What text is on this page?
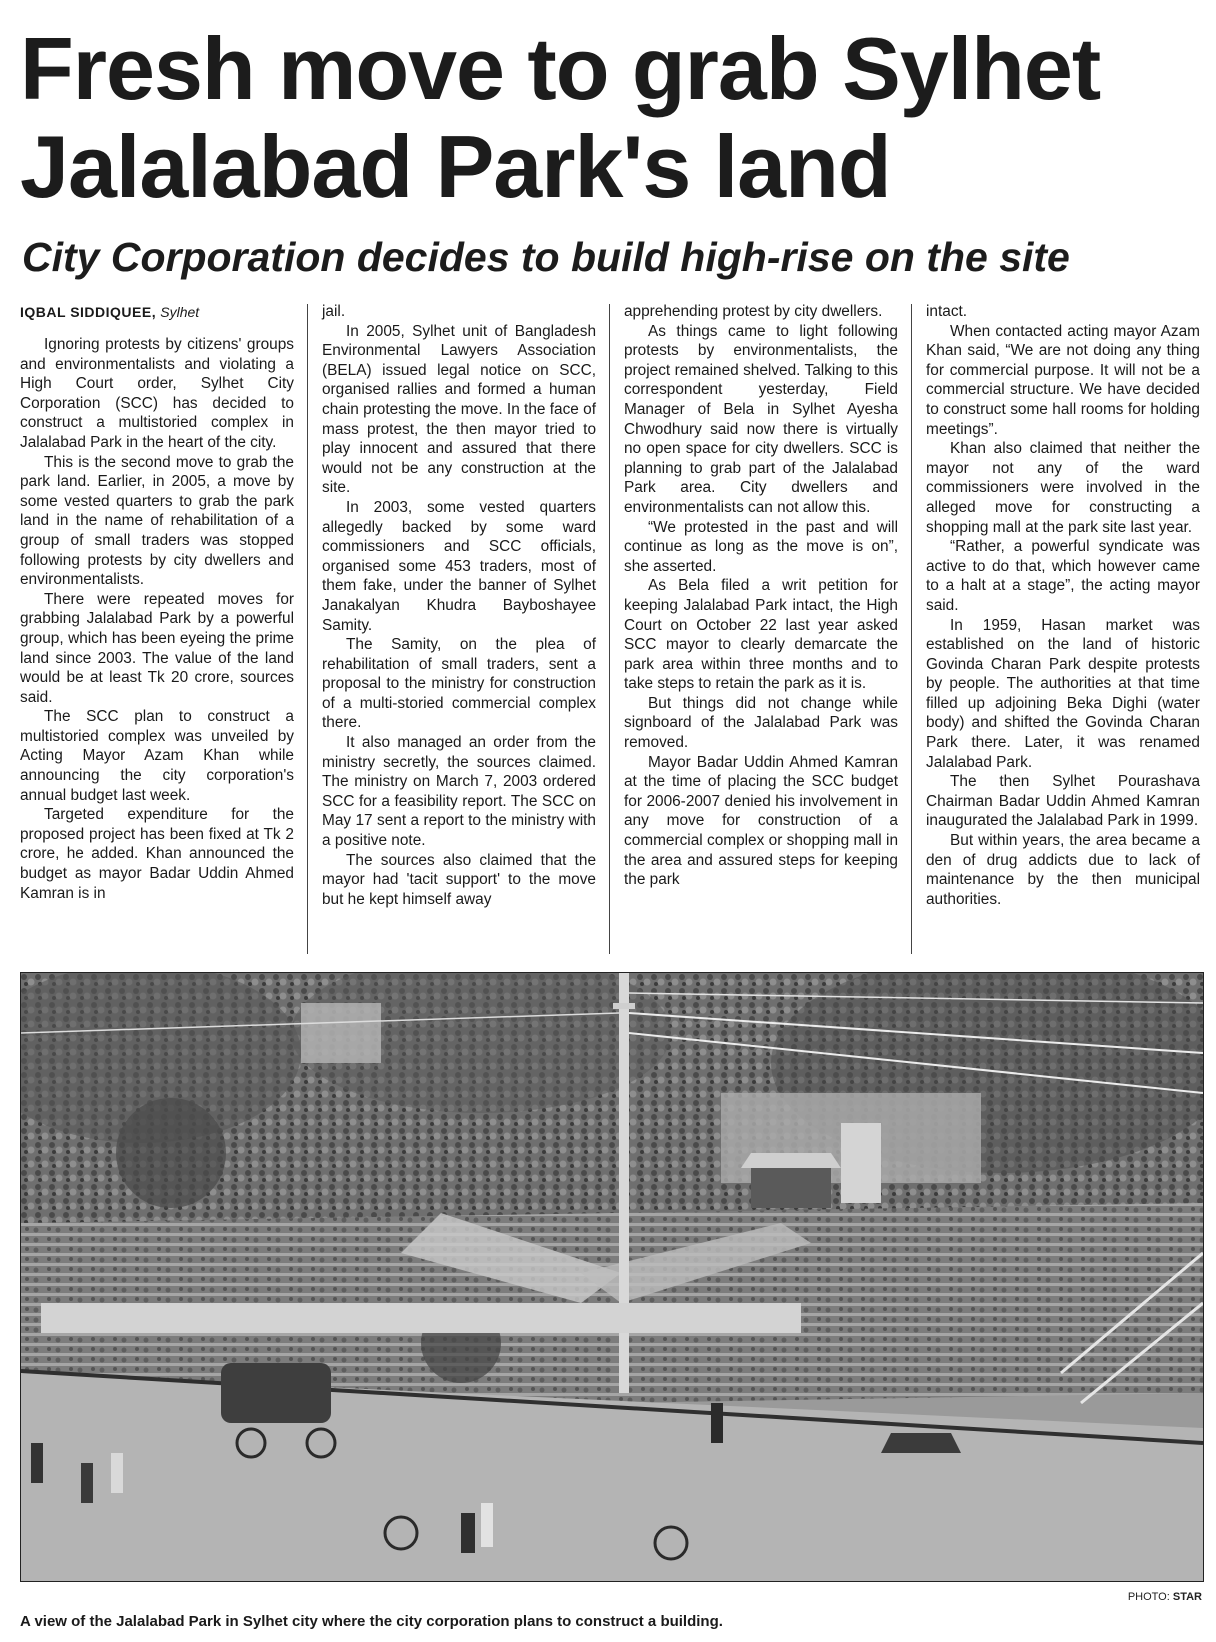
Fresh move to grab Sylhet Jalalabad Park's land
City Corporation decides to build high-rise on the site
IQBAL SIDDIQUEE, Sylhet

Ignoring protests by citizens' groups and environmentalists and violating a High Court order, Sylhet City Corporation (SCC) has decided to construct a multistoried complex in Jalalabad Park in the heart of the city.

This is the second move to grab the park land. Earlier, in 2005, a move by some vested quarters to grab the park land in the name of rehabilitation of a group of small traders was stopped following protests by city dwellers and environmentalists.

There were repeated moves for grabbing Jalalabad Park by a powerful group, which has been eyeing the prime land since 2003. The value of the land would be at least Tk 20 crore, sources said.

The SCC plan to construct a multistoried complex was unveiled by Acting Mayor Azam Khan while announcing the city corporation's annual budget last week.

Targeted expenditure for the proposed project has been fixed at Tk 2 crore, he added. Khan announced the budget as mayor Badar Uddin Ahmed Kamran is in

jail.

In 2005, Sylhet unit of Bangladesh Environmental Lawyers Association (BELA) issued legal notice on SCC, organised rallies and formed a human chain protesting the move. In the face of mass protest, the then mayor tried to play innocent and assured that there would not be any construction at the site.

In 2003, some vested quarters allegedly backed by some ward commissioners and SCC officials, organised some 453 traders, most of them fake, under the banner of Sylhet Janakalyan Khudra Bayboshayee Samity.

The Samity, on the plea of rehabilitation of small traders, sent a proposal to the ministry for construction of a multi-storied commercial complex there.

It also managed an order from the ministry secretly, the sources claimed. The ministry on March 7, 2003 ordered SCC for a feasibility report. The SCC on May 17 sent a report to the ministry with a positive note.

The sources also claimed that the mayor had 'tacit support' to the move but he kept himself away

apprehending protest by city dwellers.

As things came to light following protests by environmentalists, the project remained shelved. Talking to this correspondent yesterday, Field Manager of Bela in Sylhet Ayesha Chwodhury said now there is virtually no open space for city dwellers. SCC is planning to grab part of the Jalalabad Park area. City dwellers and environmentalists can not allow this.

“We protested in the past and will continue as long as the move is on”, she asserted.

As Bela filed a writ petition for keeping Jalalabad Park intact, the High Court on October 22 last year asked SCC mayor to clearly demarcate the park area within three months and to take steps to retain the park as it is.

But things did not change while signboard of the Jalalabad Park was removed.

Mayor Badar Uddin Ahmed Kamran at the time of placing the SCC budget for 2006-2007 denied his involvement in any move for construction of a commercial complex or shopping mall in the area and assured steps for keeping the park

intact.

When contacted acting mayor Azam Khan said, “We are not doing any thing for commercial purpose. It will not be a commercial structure. We have decided to construct some hall rooms for holding meetings”.

Khan also claimed that neither the mayor not any of the ward commissioners were involved in the alleged move for constructing a shopping mall at the park site last year.

“Rather, a powerful syndicate was active to do that, which however came to a halt at a stage”, the acting mayor said.

In 1959, Hasan market was established on the land of historic Govinda Charan Park despite protests by people. The authorities at that time filled up adjoining Beka Dighi (water body) and shifted the Govinda Charan Park there. Later, it was renamed Jalalabad Park.

The then Sylhet Pourashava Chairman Badar Uddin Ahmed Kamran inaugurated the Jalalabad Park in 1999.

But within years, the area became a den of drug addicts due to lack of maintenance by the then municipal authorities.

PHOTO: STAR
A view of the Jalalabad Park in Sylhet city where the city corporation plans to construct a building.
